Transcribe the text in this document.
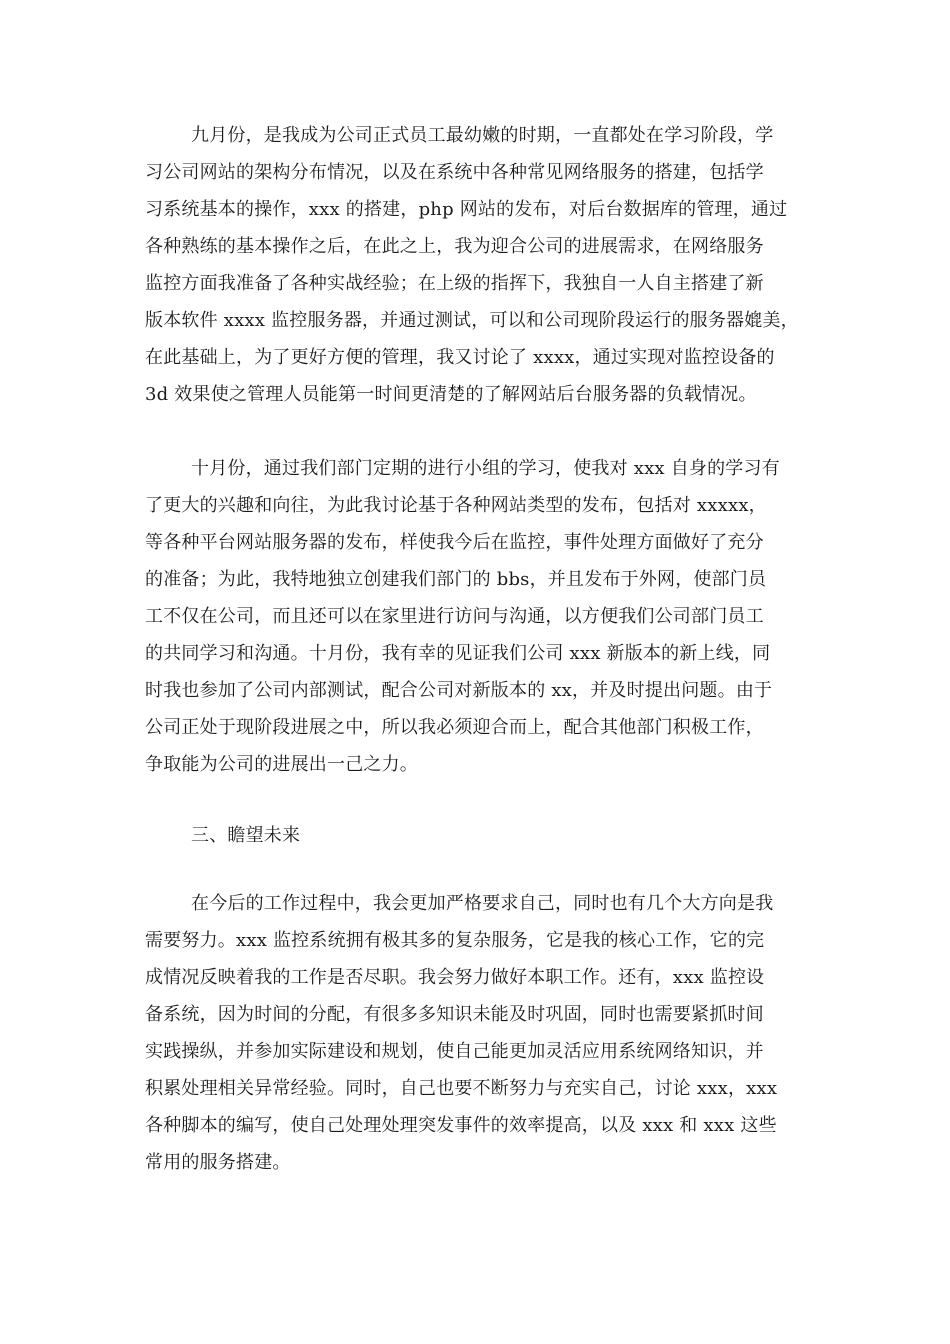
九月份，是我成为公司正式员工最幼嫩的时期，一直都处在学习阶段，学
习公司网站的架构分布情况，以及在系统中各种常见网络服务的搭建，包括学
习系统基本的操作，xxx 的搭建，php 网站的发布，对后台数据库的管理，通过
各种熟练的基本操作之后，在此之上，我为迎合公司的进展需求，在网络服务
监控方面我准备了各种实战经验；在上级的指挥下，我独自一人自主搭建了新
版本软件 xxxx 监控服务器，并通过测试，可以和公司现阶段运行的服务器媲美，
在此基础上，为了更好方便的管理，我又讨论了 xxxx，通过实现对监控设备的
3d 效果使之管理人员能第一时间更清楚的了解网站后台服务器的负载情况。
十月份，通过我们部门定期的进行小组的学习，使我对 xxx 自身的学习有
了更大的兴趣和向往，为此我讨论基于各种网站类型的发布，包括对 xxxxx，
等各种平台网站服务器的发布，样使我今后在监控，事件处理方面做好了充分
的准备；为此，我特地独立创建我们部门的 bbs，并且发布于外网，使部门员
工不仅在公司，而且还可以在家里进行访问与沟通，以方便我们公司部门员工
的共同学习和沟通。十月份，我有幸的见证我们公司 xxx 新版本的新上线，同
时我也参加了公司内部测试，配合公司对新版本的 xx，并及时提出问题。由于
公司正处于现阶段进展之中，所以我必须迎合而上，配合其他部门积极工作，
争取能为公司的进展出一己之力。
三、瞻望未来
在今后的工作过程中，我会更加严格要求自己，同时也有几个大方向是我
需要努力。xxx 监控系统拥有极其多的复杂服务，它是我的核心工作，它的完
成情况反映着我的工作是否尽职。我会努力做好本职工作。还有，xxx 监控设
备系统，因为时间的分配，有很多多知识未能及时巩固，同时也需要紧抓时间
实践操纵，并参加实际建设和规划，使自己能更加灵活应用系统网络知识，并
积累处理相关异常经验。同时，自己也要不断努力与充实自己，讨论 xxx，xxx
各种脚本的编写，使自己处理处理突发事件的效率提高，以及 xxx 和 xxx 这些
常用的服务搭建。
